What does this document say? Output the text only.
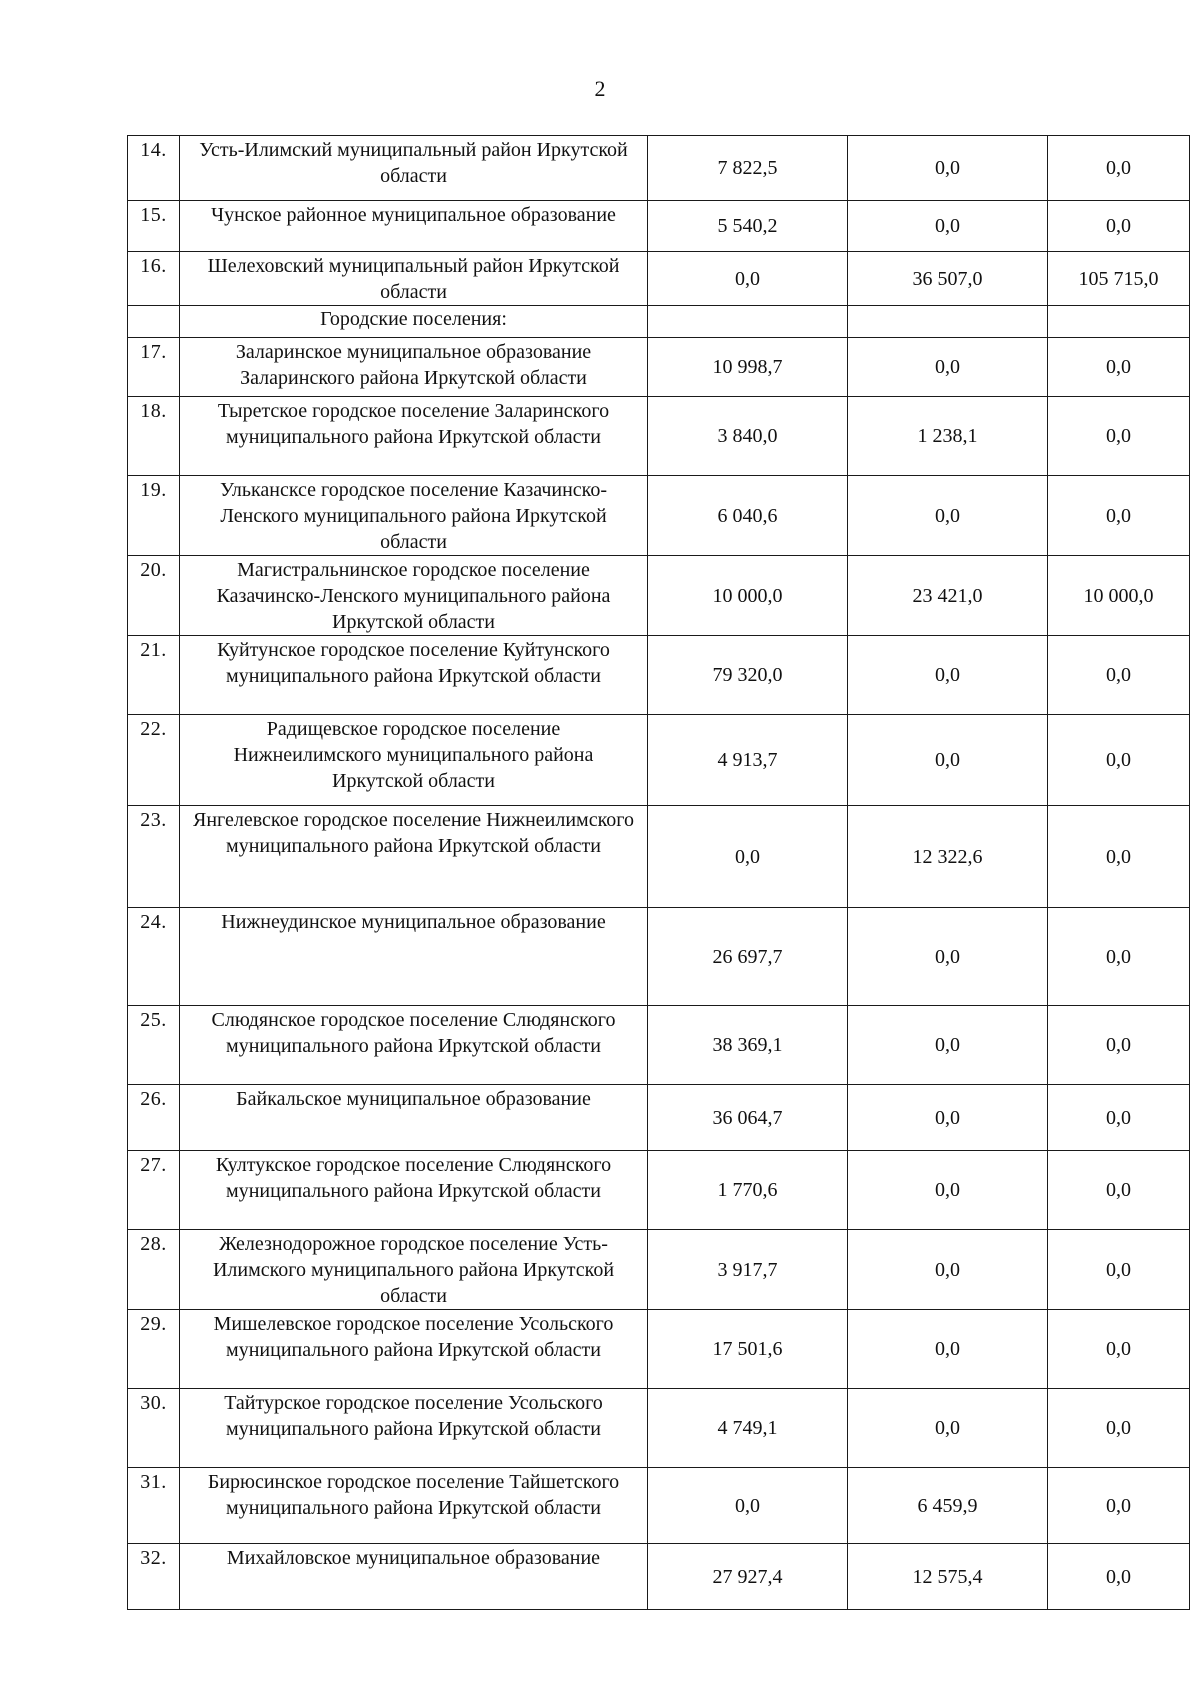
2
14.	Усть-Илимский муниципальный район Иркутской области	7 822,5	0,0	0,0
15.	Чунское районное муниципальное образование	5 540,2	0,0	0,0
16.	Шелеховский муниципальный район Иркутской области	0,0	36 507,0	105 715,0
	Городские поселения:			
17.	Заларинское муниципальное образование Заларинского района Иркутской области	10 998,7	0,0	0,0
18.	Тыретское городское поселение Заларинского муниципального района Иркутской области	3 840,0	1 238,1	0,0
19.	Улькансксе городское поселение Казачинско-Ленского муниципального района Иркутской области	6 040,6	0,0	0,0
20.	Магистральнинское городское поселение Казачинско-Ленского муниципального района Иркутской области	10 000,0	23 421,0	10 000,0
21.	Куйтунское городское поселение Куйтунского муниципального района Иркутской области	79 320,0	0,0	0,0
22.	Радищевское городское поселение Нижнеилимского муниципального района Иркутской области	4 913,7	0,0	0,0
23.	Янгелевское городское поселение Нижнеилимского муниципального района Иркутской области	0,0	12 322,6	0,0
24.	Нижнеудинское муниципальное образование	26 697,7	0,0	0,0
25.	Слюдянское городское поселение Слюдянского муниципального района Иркутской области	38 369,1	0,0	0,0
26.	Байкальское муниципальное образование	36 064,7	0,0	0,0
27.	Култукское городское поселение Слюдянского муниципального района Иркутской области	1 770,6	0,0	0,0
28.	Железнодорожное городское поселение Усть-Илимского муниципального района Иркутской области	3 917,7	0,0	0,0
29.	Мишелевское городское поселение Усольского муниципального района Иркутской области	17 501,6	0,0	0,0
30.	Тайтурское городское поселение Усольского муниципального района Иркутской области	4 749,1	0,0	0,0
31.	Бирюсинское городское поселение Тайшетского муниципального района Иркутской области	0,0	6 459,9	0,0
32.	Михайловское муниципальное образование	27 927,4	12 575,4	0,0
